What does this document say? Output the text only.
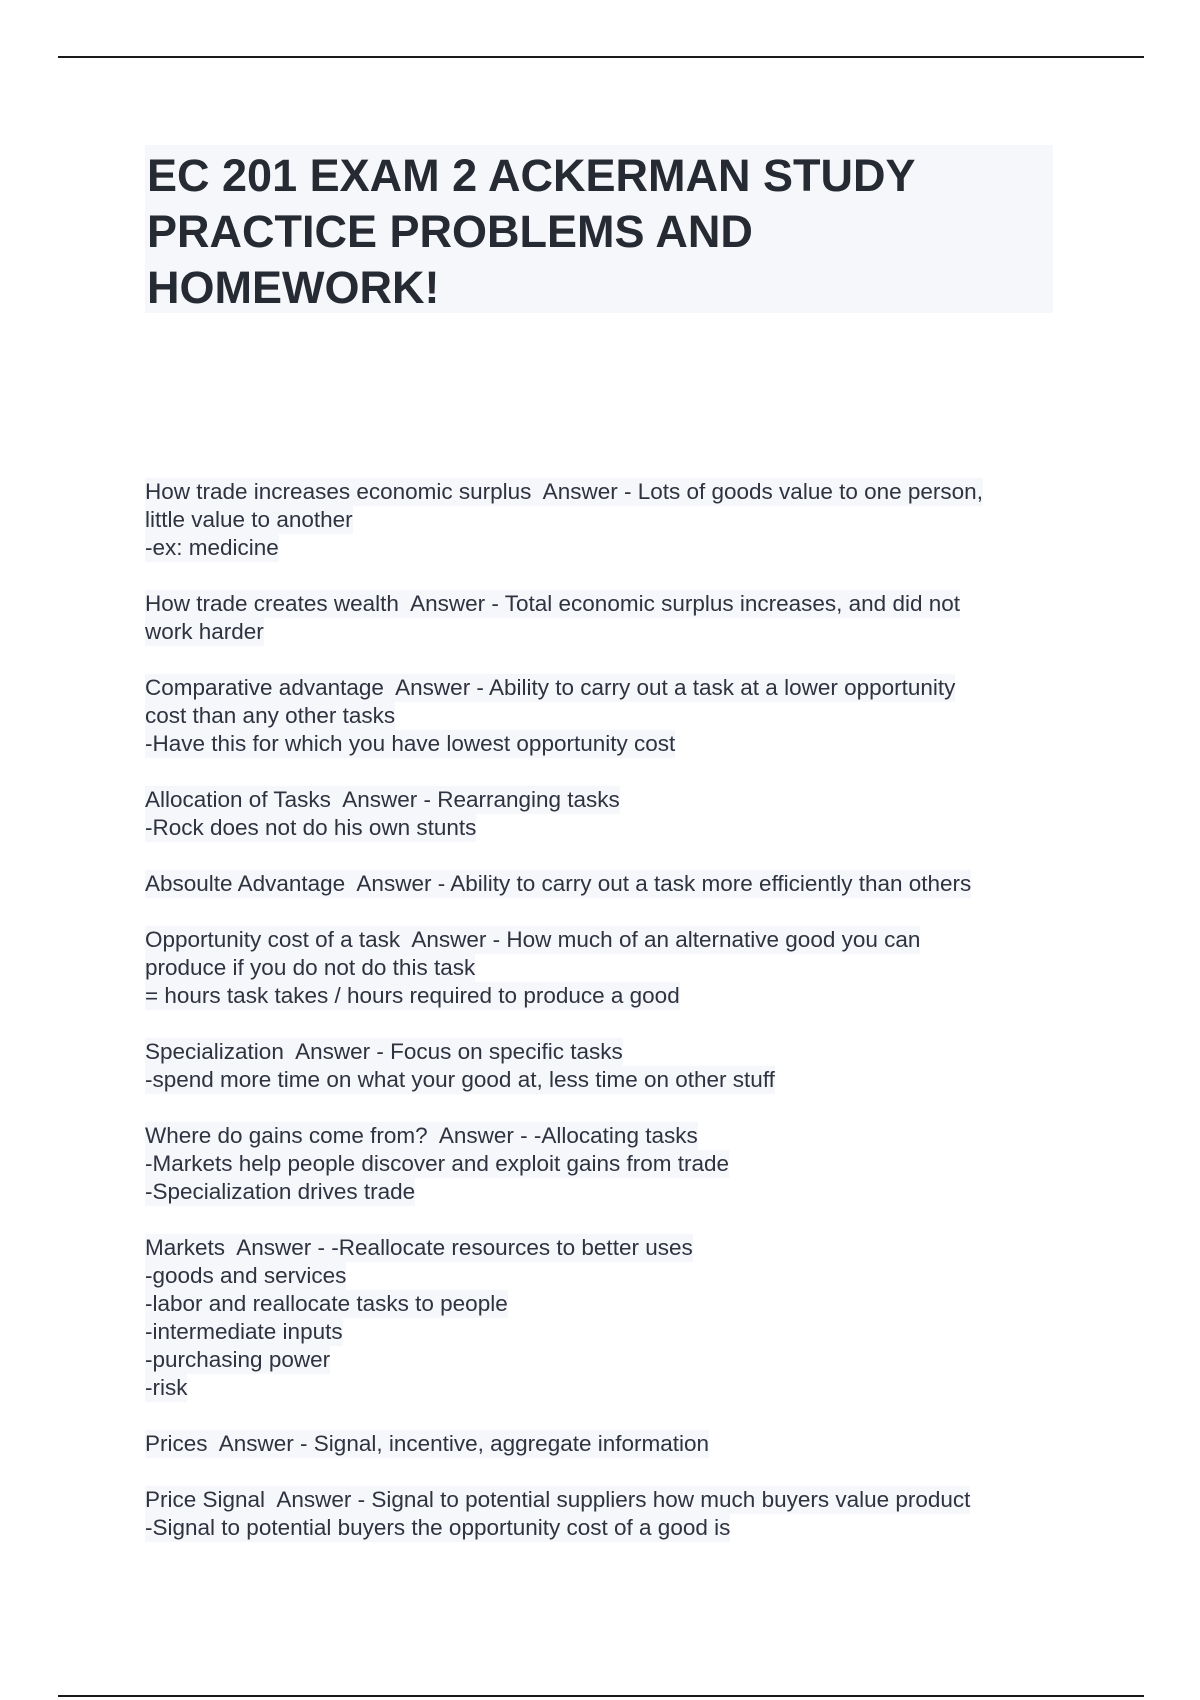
EC 201 EXAM 2 ACKERMAN STUDY PRACTICE PROBLEMS AND HOMEWORK!
How trade increases economic surplus  Answer - Lots of goods value to one person,
little value to another
-ex: medicine
How trade creates wealth  Answer - Total economic surplus increases, and did not
work harder
Comparative advantage  Answer - Ability to carry out a task at a lower opportunity
cost than any other tasks
-Have this for which you have lowest opportunity cost
Allocation of Tasks  Answer - Rearranging tasks
-Rock does not do his own stunts
Absoulte Advantage  Answer - Ability to carry out a task more efficiently than others
Opportunity cost of a task  Answer - How much of an alternative good you can
produce if you do not do this task
= hours task takes / hours required to produce a good
Specialization  Answer - Focus on specific tasks
-spend more time on what your good at, less time on other stuff
Where do gains come from?  Answer - -Allocating tasks
-Markets help people discover and exploit gains from trade
-Specialization drives trade
Markets  Answer - -Reallocate resources to better uses
-goods and services
-labor and reallocate tasks to people
-intermediate inputs
-purchasing power
-risk
Prices  Answer - Signal, incentive, aggregate information
Price Signal  Answer - Signal to potential suppliers how much buyers value product
-Signal to potential buyers the opportunity cost of a good is
